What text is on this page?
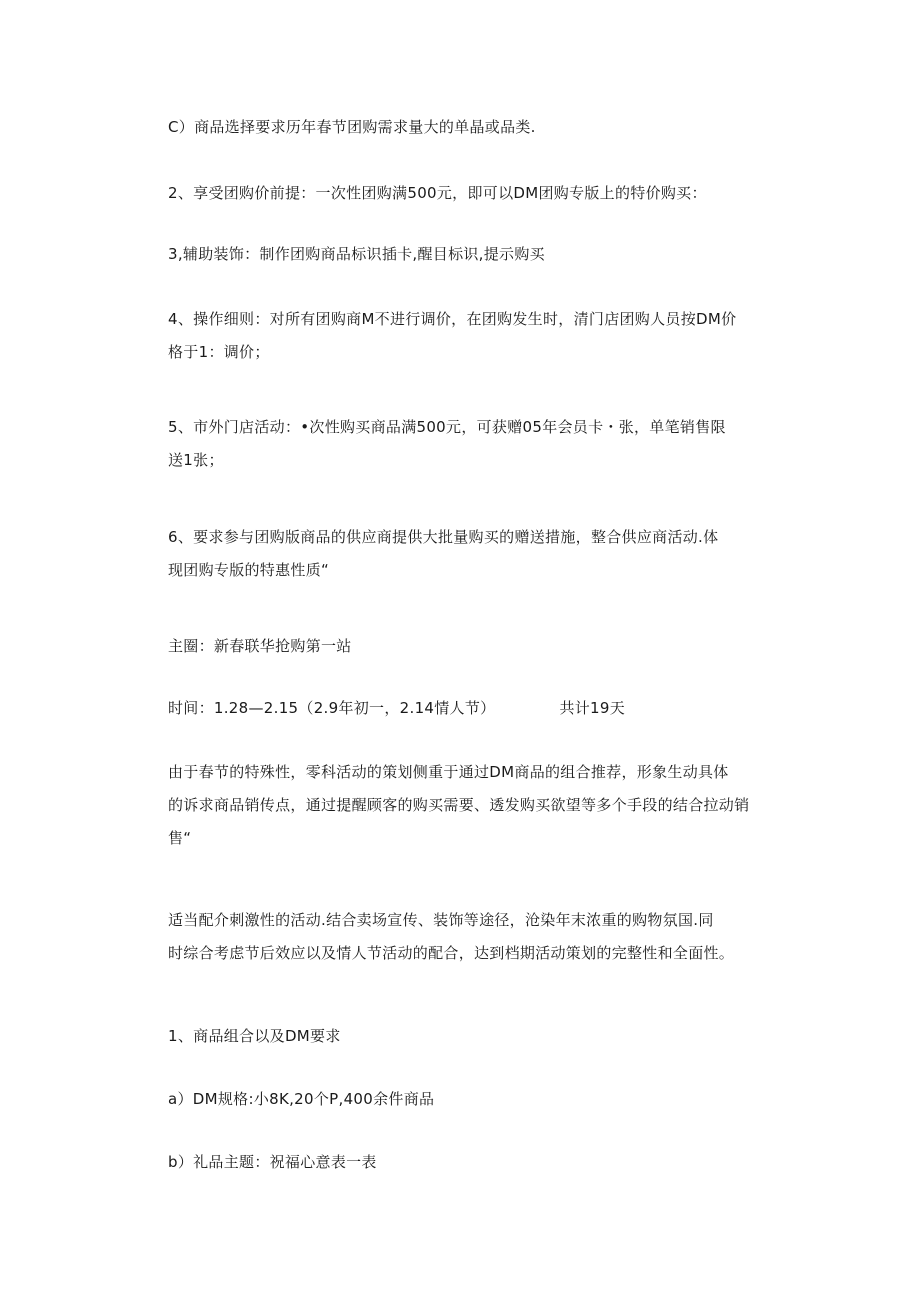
C）商品选择要求历年春节团购需求量大的单晶或品类.

2、享受团购价前提：一次性团购满500元，即可以DM团购专版上的特价购买：

3,辅助装饰：制作团购商品标识插卡,醒目标识,提示购买

4、操作细则：对所有团购商M不进行调价，在团购发生时，清门店团购人员按DM价
格于1：调价；

5、市外门店活动：•次性购买商品满500元，可获赠05年会员卡・张，单笔销售限
送1张；

6、要求参与团购版商品的供应商提供大批量购买的赠送措施，整合供应商活动.体
现团购专版的特惠性质“

主圈：新春联华抢购第一站

时间：1.28—2.15（2.9年初一，2.14情人节）	共计19天

由于春节的特殊性，零科活动的策划侧重于通过DM商品的组合推荐，形象生动具体
的诉求商品销传点，通过提醒顾客的购买需要、透发购买欲望等多个手段的结合拉动销
售“

适当配介刺激性的活动.结合卖场宣传、装饰等途径，沧染年末浓重的购物氛国.同
时综合考虑节后效应以及情人节活动的配合，达到档期活动策划的完整性和全面性。

1、商品组合以及DM要求

a）DM规格:小8K,20个P,400余件商品

b）礼品主题：祝福心意表一表
